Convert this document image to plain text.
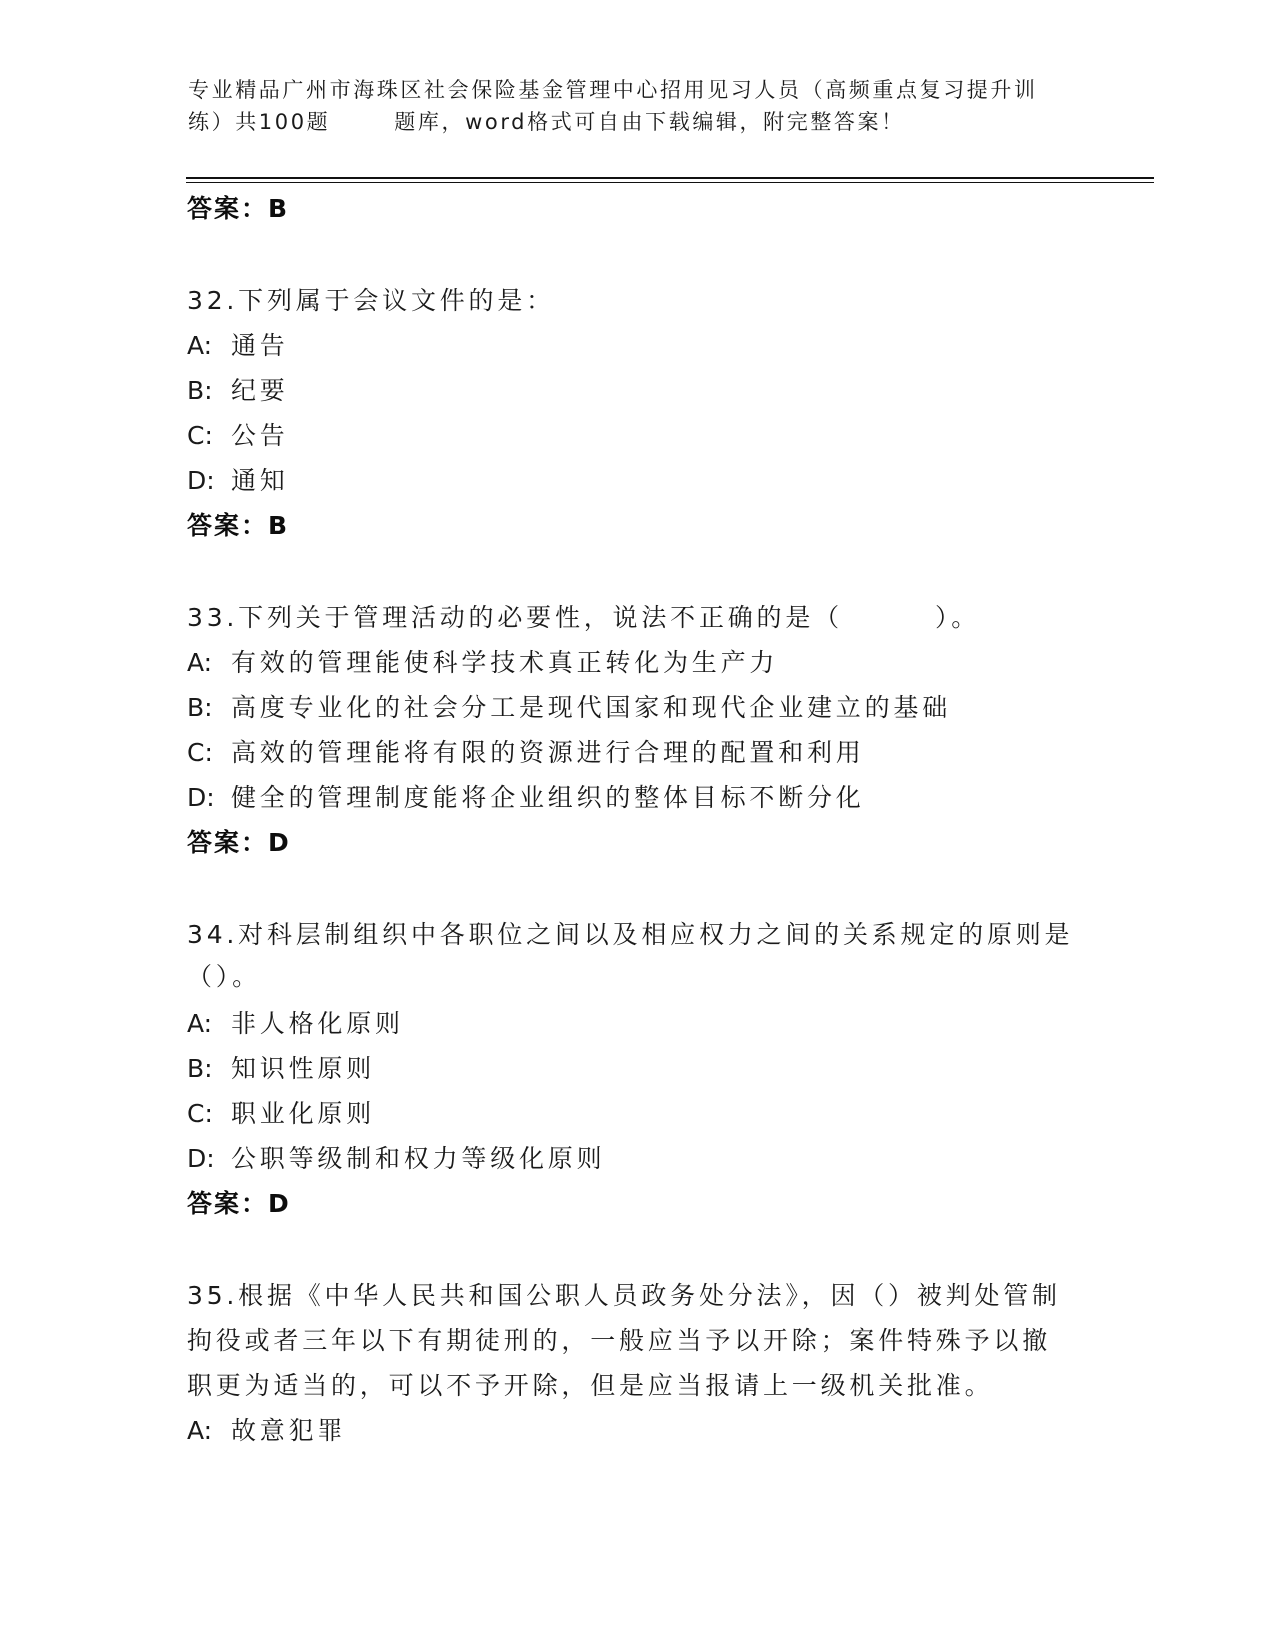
专业精品广州市海珠区社会保险基金管理中心招用见习人员（高频重点复习提升训
练）共100题	题库，word格式可自由下载编辑，附完整答案！
答案：B
32.下列属于会议文件的是：
A: 通告
B: 纪要
C: 公告
D: 通知
答案：B
33.下列关于管理活动的必要性，说法不正确的是（	）。
A: 有效的管理能使科学技术真正转化为生产力
B: 高度专业化的社会分工是现代国家和现代企业建立的基础
C: 高效的管理能将有限的资源进行合理的配置和利用
D: 健全的管理制度能将企业组织的整体目标不断分化
答案：D
34.对科层制组织中各职位之间以及相应权力之间的关系规定的原则是
（）。
A: 非人格化原则
B: 知识性原则
C: 职业化原则
D: 公职等级制和权力等级化原则
答案：D
35.根据《中华人民共和国公职人员政务处分法》，因（）被判处管制
拘役或者三年以下有期徒刑的，一般应当予以开除；案件特殊予以撤
职更为适当的，可以不予开除，但是应当报请上一级机关批准。
A: 故意犯罪
